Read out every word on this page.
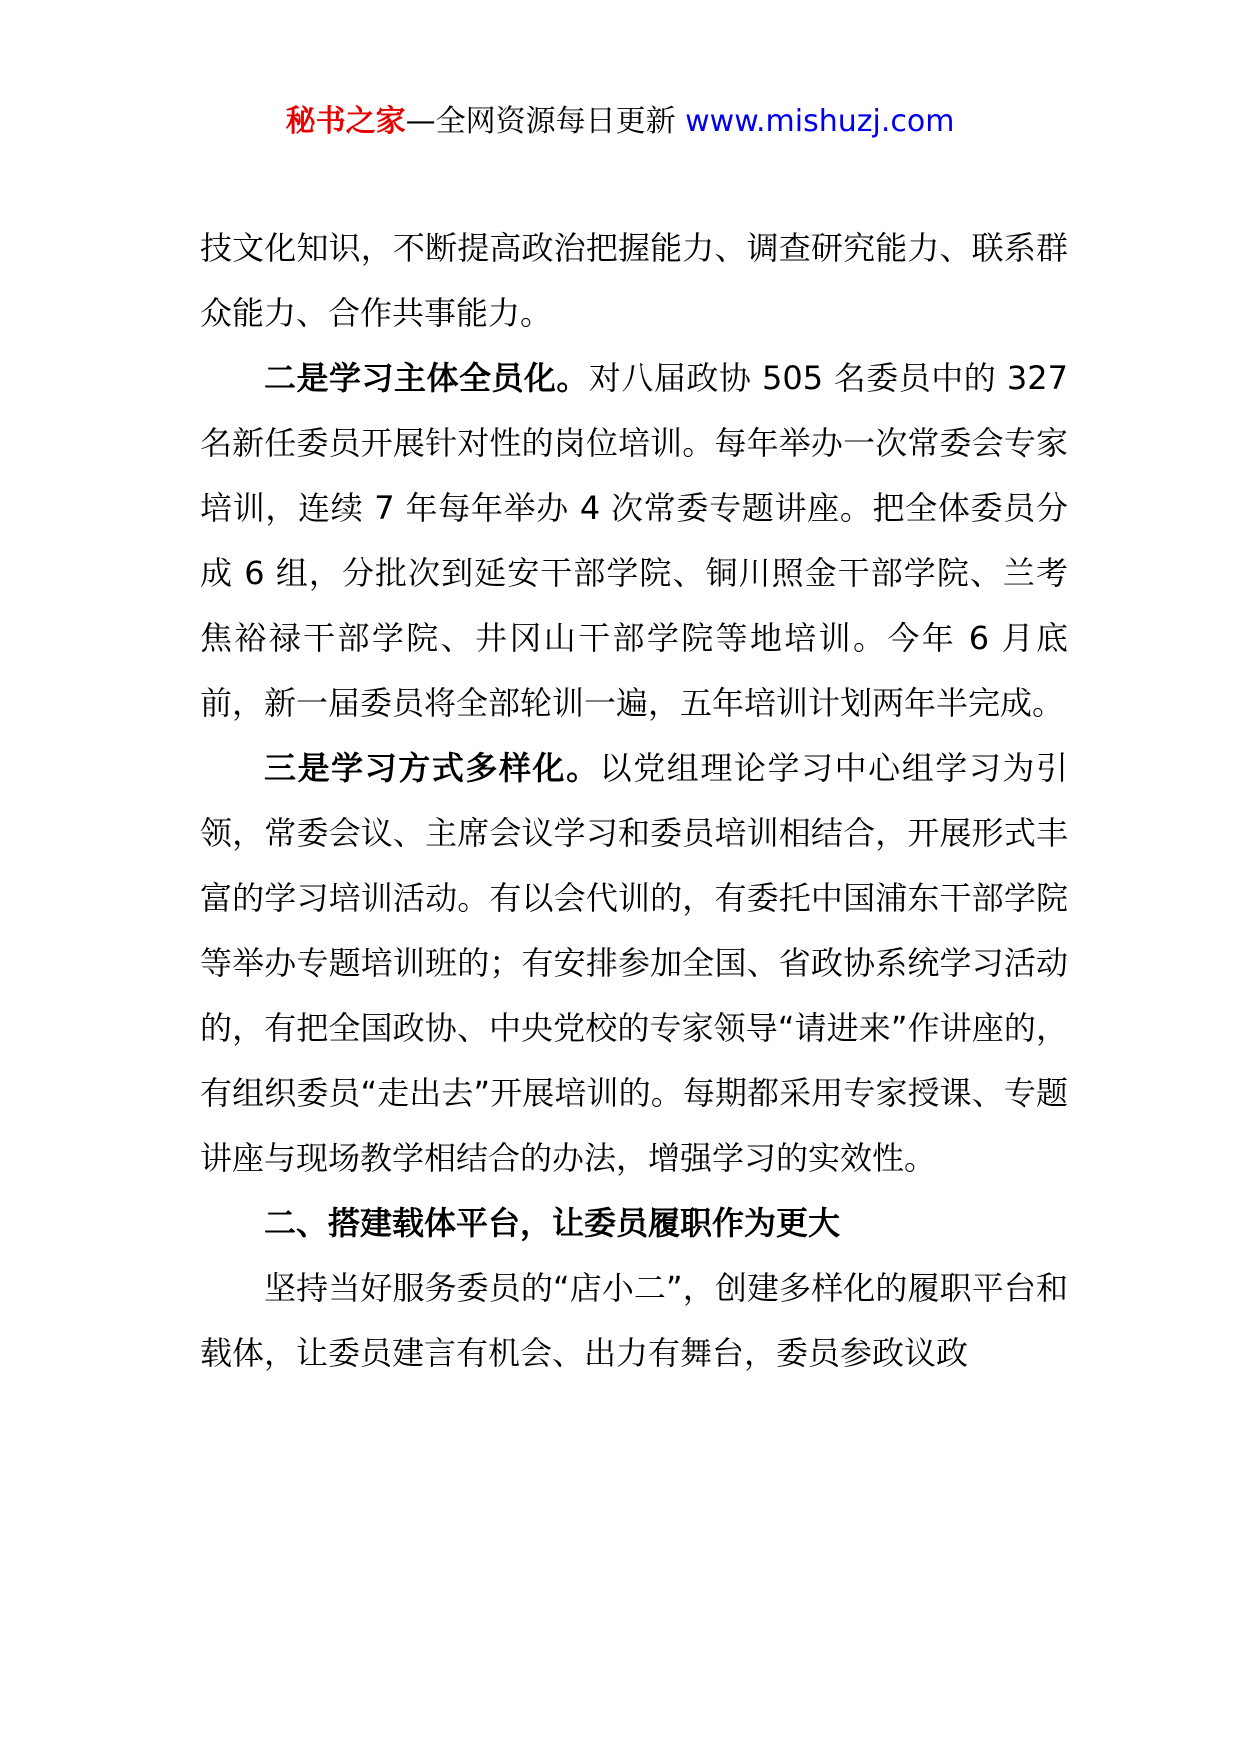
秘书之家—全网资源每日更新 www.mishuzj.com

技文化知识，不断提高政治把握能力、调查研究能力、联系群众能力、合作共事能力。

二是学习主体全员化。对八届政协 505 名委员中的 327 名新任委员开展针对性的岗位培训。每年举办一次常委会专家培训，连续 7 年每年举办 4 次常委专题讲座。把全体委员分成 6 组，分批次到延安干部学院、铜川照金干部学院、兰考焦裕禄干部学院、井冈山干部学院等地培训。今年 6 月底前，新一届委员将全部轮训一遍，五年培训计划两年半完成。

三是学习方式多样化。以党组理论学习中心组学习为引领，常委会议、主席会议学习和委员培训相结合，开展形式丰富的学习培训活动。有以会代训的，有委托中国浦东干部学院等举办专题培训班的；有安排参加全国、省政协系统学习活动的，有把全国政协、中央党校的专家领导“请进来”作讲座的，有组织委员“走出去”开展培训的。每期都采用专家授课、专题讲座与现场教学相结合的办法，增强学习的实效性。

二、搭建载体平台，让委员履职作为更大

坚持当好服务委员的“店小二”，创建多样化的履职平台和载体，让委员建言有机会、出力有舞台，委员参政议政
